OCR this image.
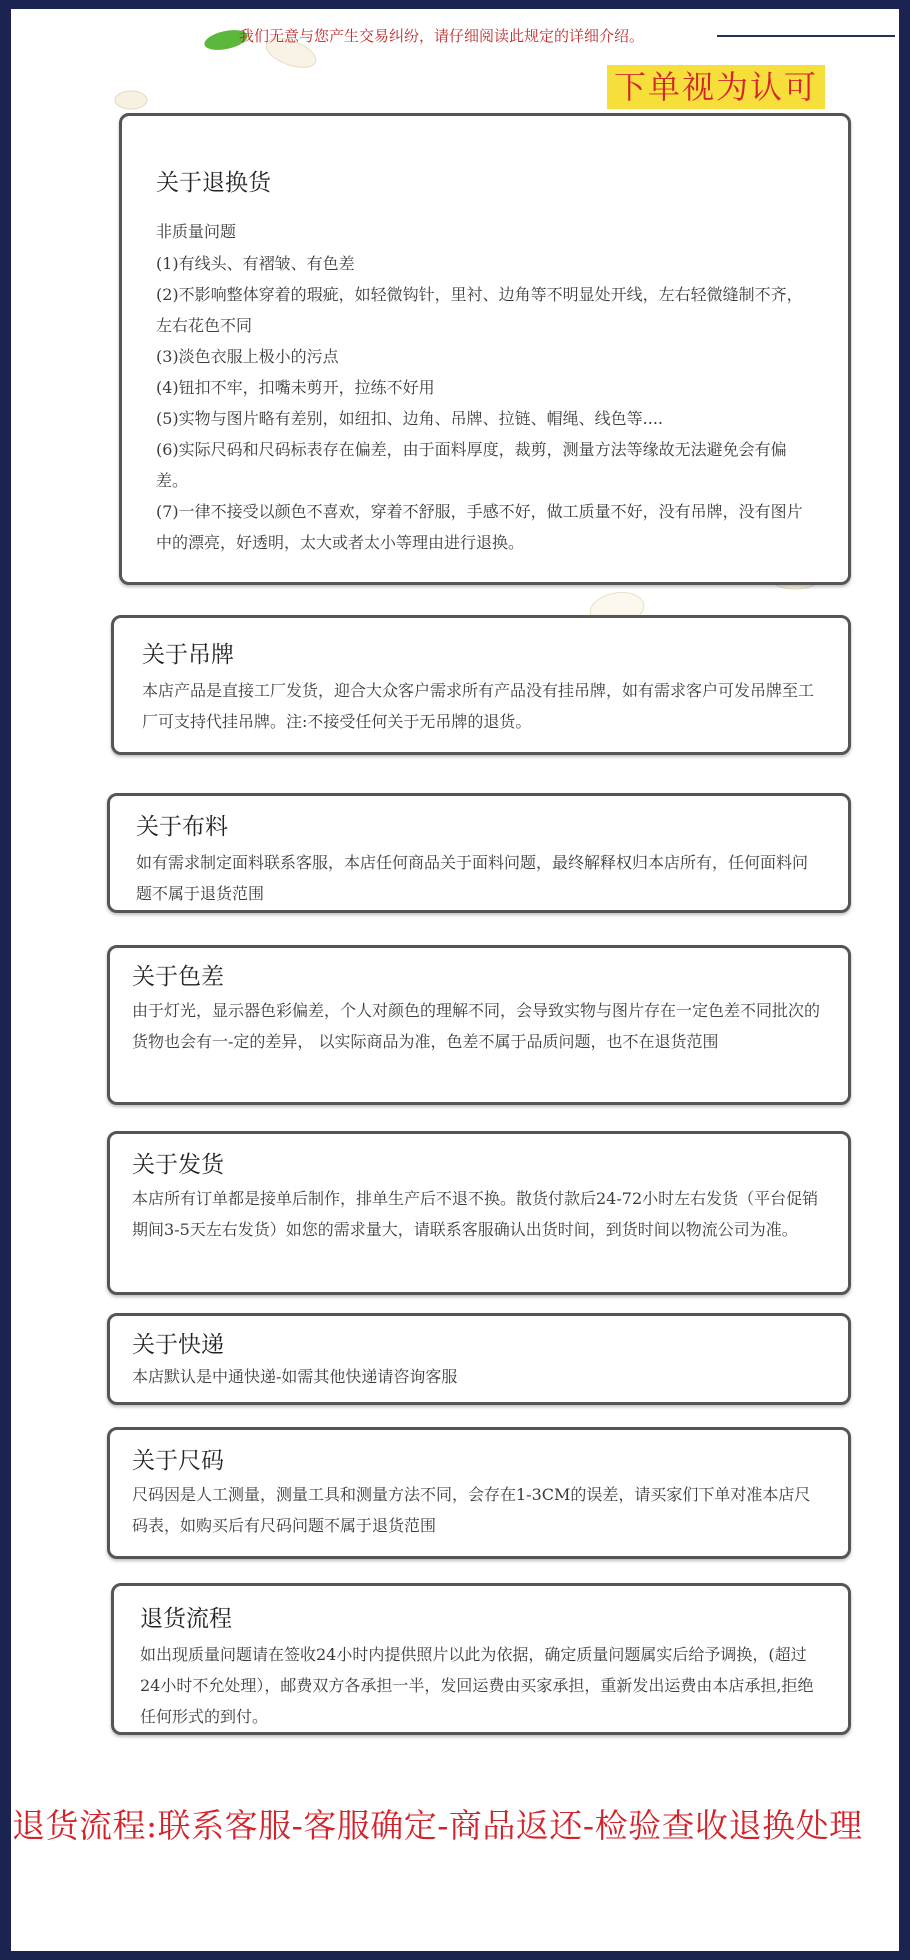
我们无意与您产生交易纠纷，请仔细阅读此规定的详细介绍。
下单视为认可
关于退换货
非质量问题

(1)有线头、有褶皱、有色差

(2)不影响整体穿着的瑕疵，如轻微钩针，里衬、边角等不明显处开线，左右轻微缝制不齐，左右花色不同

(3)淡色衣服上极小的污点

(4)钮扣不牢，扣嘴未剪开，拉练不好用

(5)实物与图片略有差别，如纽扣、边角、吊牌、拉链、帽绳、线色等....

(6)实际尺码和尺码标表存在偏差，由于面料厚度，裁剪，测量方法等缘故无法避免会有偏差。

(7)一律不接受以颜色不喜欢，穿着不舒服，手感不好，做工质量不好，没有吊牌，没有图片中的漂亮，好透明，太大或者太小等理由进行退换。

关于吊牌

本店产品是直接工厂发货，迎合大众客户需求所有产品没有挂吊牌，如有需求客户可发吊牌至工厂可支持代挂吊牌。注:不接受任何关于无吊牌的退货。

关于布料

如有需求制定面料联系客服，本店任何商品关于面料问题，最终解释权归本店所有，任何面料问题不属于退货范围

关于色差

由于灯光，显示器色彩偏差，个人对颜色的理解不同，会导致实物与图片存在一定色差不同批次的货物也会有一-定的差异， 以实际商品为准，色差不属于品质问题，也不在退货范围

关于发货

本店所有订单都是接单后制作，排单生产后不退不换。散货付款后24-72小时左右发货（平台促销期间3-5天左右发货）如您的需求量大，请联系客服确认出货时间，到货时间以物流公司为准。

关于快递

本店默认是中通快递-如需其他快递请咨询客服

关于尺码

尺码因是人工测量，测量工具和测量方法不同，会存在1-3CM的误差，请买家们下单对准本店尺码表，如购买后有尺码问题不属于退货范围

退货流程

如出现质量问题请在签收24小时内提供照片以此为依据，确定质量问题属实后给予调换，(超过24小时不允处理），邮费双方各承担一半，发回运费由买家承担，重新发出运费由本店承担,拒绝任何形式的到付。

退货流程:联系客服-客服确定-商品返还-检验查收退换处理
